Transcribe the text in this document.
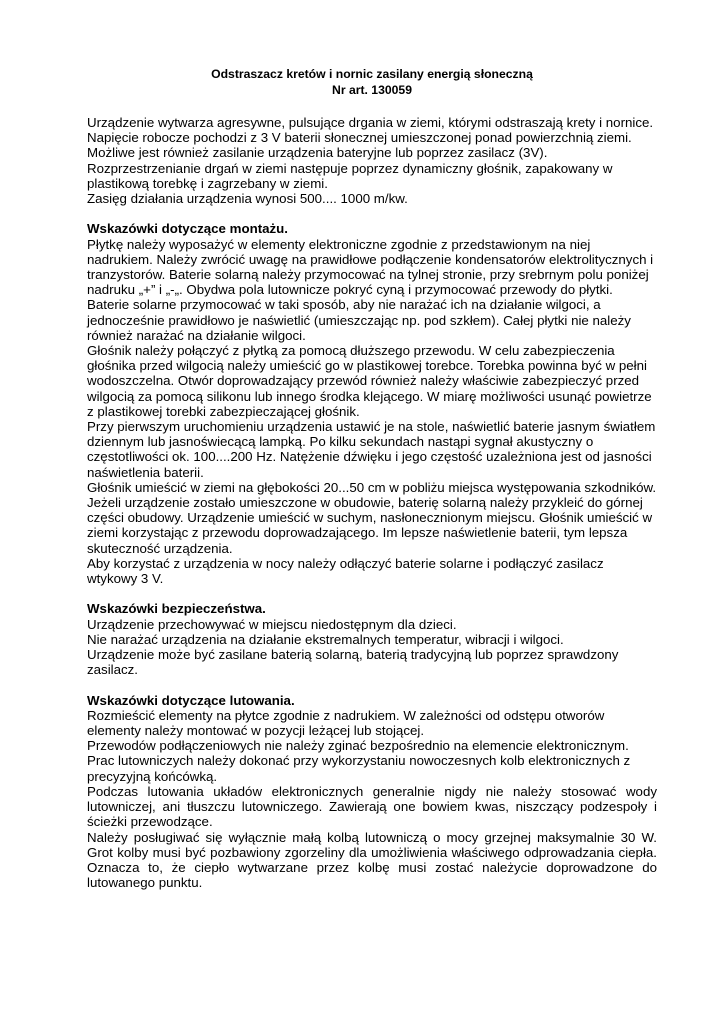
Odstraszacz kretów i nornic zasilany energią słoneczną
Nr art. 130059

Urządzenie wytwarza agresywne, pulsujące drgania w ziemi, którymi odstraszają krety i nornice.

Napięcie robocze pochodzi z 3 V baterii słonecznej umieszczonej ponad powierzchnią ziemi.

Możliwe jest również zasilanie urządzenia bateryjne lub poprzez zasilacz (3V).

Rozprzestrzenianie drgań w ziemi następuje poprzez dynamiczny głośnik, zapakowany w plastikową torebkę i zagrzebany w ziemi.

Zasięg działania urządzenia wynosi 500.... 1000 m/kw.

Wskazówki dotyczące montażu.

Płytkę należy wyposażyć w elementy elektroniczne zgodnie z przedstawionym na niej nadrukiem. Należy zwrócić uwagę na prawidłowe podłączenie kondensatorów elektrolitycznych i tranzystorów. Baterie solarną należy przymocować na tylnej stronie, przy srebrnym polu poniżej nadruku „+” i „-„. Obydwa pola lutownicze pokryć cyną i przymocować przewody do płytki. Baterie solarne przymocować w taki sposób, aby nie narażać ich na działanie wilgoci, a jednocześnie prawidłowo je naświetlić (umieszczając np. pod szkłem). Całej płytki nie należy również narażać na działanie wilgoci.

Głośnik należy połączyć z płytką za pomocą dłuższego przewodu. W celu zabezpieczenia głośnika przed wilgocią należy umieścić go w plastikowej torebce. Torebka powinna być w pełni wodoszczelna. Otwór doprowadzający przewód również należy właściwie zabezpieczyć przed wilgocią za pomocą silikonu lub innego środka klejącego. W miarę możliwości usunąć powietrze z plastikowej torebki zabezpieczającej głośnik.

Przy pierwszym uruchomieniu urządzenia ustawić je na stole, naświetlić baterie jasnym światłem dziennym lub jasnoświecącą lampką. Po kilku sekundach nastąpi sygnał akustyczny o częstotliwości ok. 100....200 Hz. Natężenie dźwięku i jego częstość uzależniona jest od jasności naświetlenia baterii.

Głośnik umieścić w ziemi na głębokości 20...50 cm w pobliżu miejsca występowania szkodników.

Jeżeli urządzenie zostało umieszczone w obudowie, baterię solarną należy przykleić do górnej części obudowy. Urządzenie umieścić w suchym, nasłonecznionym miejscu. Głośnik umieścić w ziemi korzystając z przewodu doprowadzającego. Im lepsze naświetlenie baterii, tym lepsza skuteczność urządzenia.

Aby korzystać z urządzenia w nocy należy odłączyć baterie solarne i podłączyć zasilacz wtykowy 3 V.

Wskazówki bezpieczeństwa.

Urządzenie przechowywać w miejscu niedostępnym dla dzieci.

Nie narażać urządzenia na działanie ekstremalnych temperatur, wibracji i wilgoci.

Urządzenie może być zasilane baterią solarną, baterią tradycyjną lub poprzez sprawdzony zasilacz.

Wskazówki dotyczące lutowania.

Rozmieścić elementy na płytce zgodnie z nadrukiem. W zależności od odstępu otworów elementy należy montować w pozycji leżącej lub stojącej.

Przewodów podłączeniowych nie należy zginać bezpośrednio na elemencie elektronicznym.

Prac lutowniczych należy dokonać przy wykorzystaniu nowoczesnych kolb elektronicznych z precyzyjną końcówką.

Podczas lutowania układów elektronicznych generalnie nigdy nie należy stosować wody lutowniczej, ani tłuszczu lutowniczego. Zawierają one bowiem kwas, niszczący podzespoły i ścieżki przewodzące.

Należy posługiwać się wyłącznie małą kolbą lutowniczą o mocy grzejnej maksymalnie 30 W. Grot kolby musi być pozbawiony zgorzeliny dla umożliwienia właściwego odprowadzania ciepła. Oznacza to, że ciepło wytwarzane przez kolbę musi zostać należycie doprowadzone do lutowanego punktu.
